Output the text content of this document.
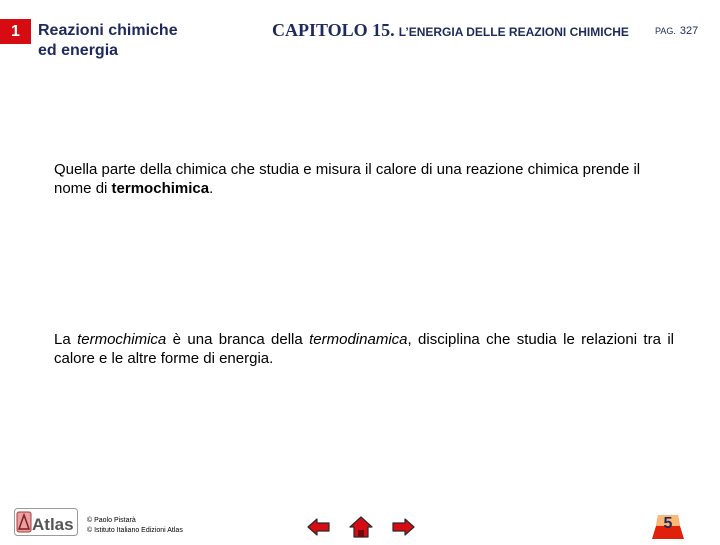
1	Reazioni chimiche
ed energia
CAPITOLO 15. L’ENERGIA DELLE REAZIONI CHIMICHE	PAG. 327
Quella parte della chimica che studia e misura il calore di una reazione chimica prende il nome di termochimica.
La termochimica è una branca della termodinamica, disciplina che studia le relazioni tra il calore e le altre forme di energia.
Atlas © Paolo Pistarà
© Istituto Italiano Edizioni Atlas	5
